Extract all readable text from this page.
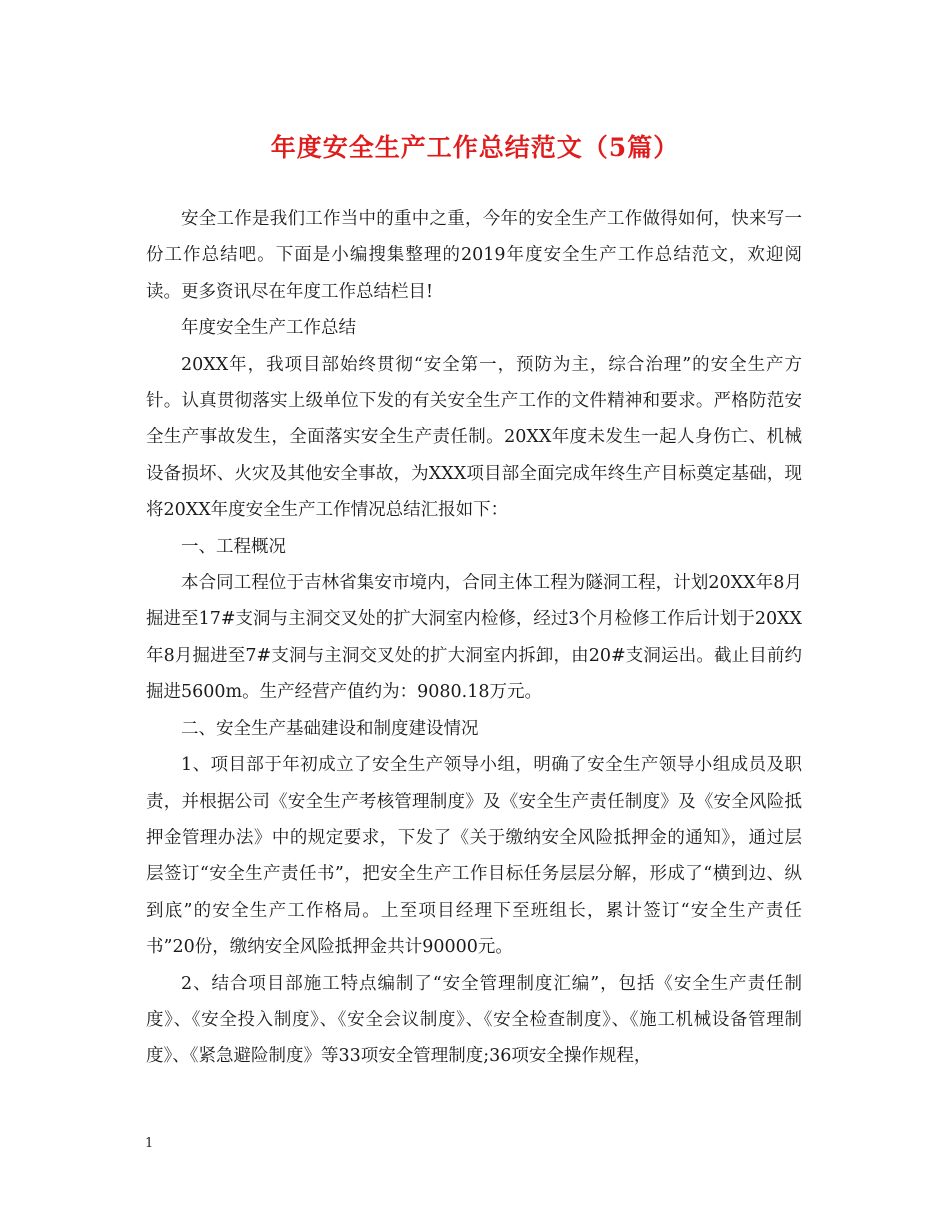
年度安全生产工作总结范文（5篇）

安全工作是我们工作当中的重中之重，今年的安全生产工作做得如何，快来写一份工作总结吧。下面是小编搜集整理的2019年度安全生产工作总结范文，欢迎阅读。更多资讯尽在年度工作总结栏目!

年度安全生产工作总结

20XX年，我项目部始终贯彻“安全第一，预防为主，综合治理”的安全生产方针。认真贯彻落实上级单位下发的有关安全生产工作的文件精神和要求。严格防范安全生产事故发生，全面落实安全生产责任制。20XX年度未发生一起人身伤亡、机械设备损坏、火灾及其他安全事故，为XXX项目部全面完成年终生产目标奠定基础，现将20XX年度安全生产工作情况总结汇报如下：

一、工程概况

本合同工程位于吉林省集安市境内，合同主体工程为隧洞工程，计划20XX年8月掘进至17#支洞与主洞交叉处的扩大洞室内检修，经过3个月检修工作后计划于20XX年8月掘进至7#支洞与主洞交叉处的扩大洞室内拆卸，由20#支洞运出。截止目前约掘进5600m。生产经营产值约为：9080.18万元。

二、安全生产基础建设和制度建设情况

1、项目部于年初成立了安全生产领导小组，明确了安全生产领导小组成员及职责，并根据公司《安全生产考核管理制度》及《安全生产责任制度》及《安全风险抵押金管理办法》中的规定要求，下发了《关于缴纳安全风险抵押金的通知》，通过层层签订“安全生产责任书”，把安全生产工作目标任务层层分解，形成了“横到边、纵到底”的安全生产工作格局。上至项目经理下至班组长，累计签订“安全生产责任书”20份，缴纳安全风险抵押金共计90000元。

2、结合项目部施工特点编制了“安全管理制度汇编”，包括《安全生产责任制度》、《安全投入制度》、《安全会议制度》、《安全检查制度》、《施工机械设备管理制度》、《紧急避险制度》等33项安全管理制度;36项安全操作规程，

1
